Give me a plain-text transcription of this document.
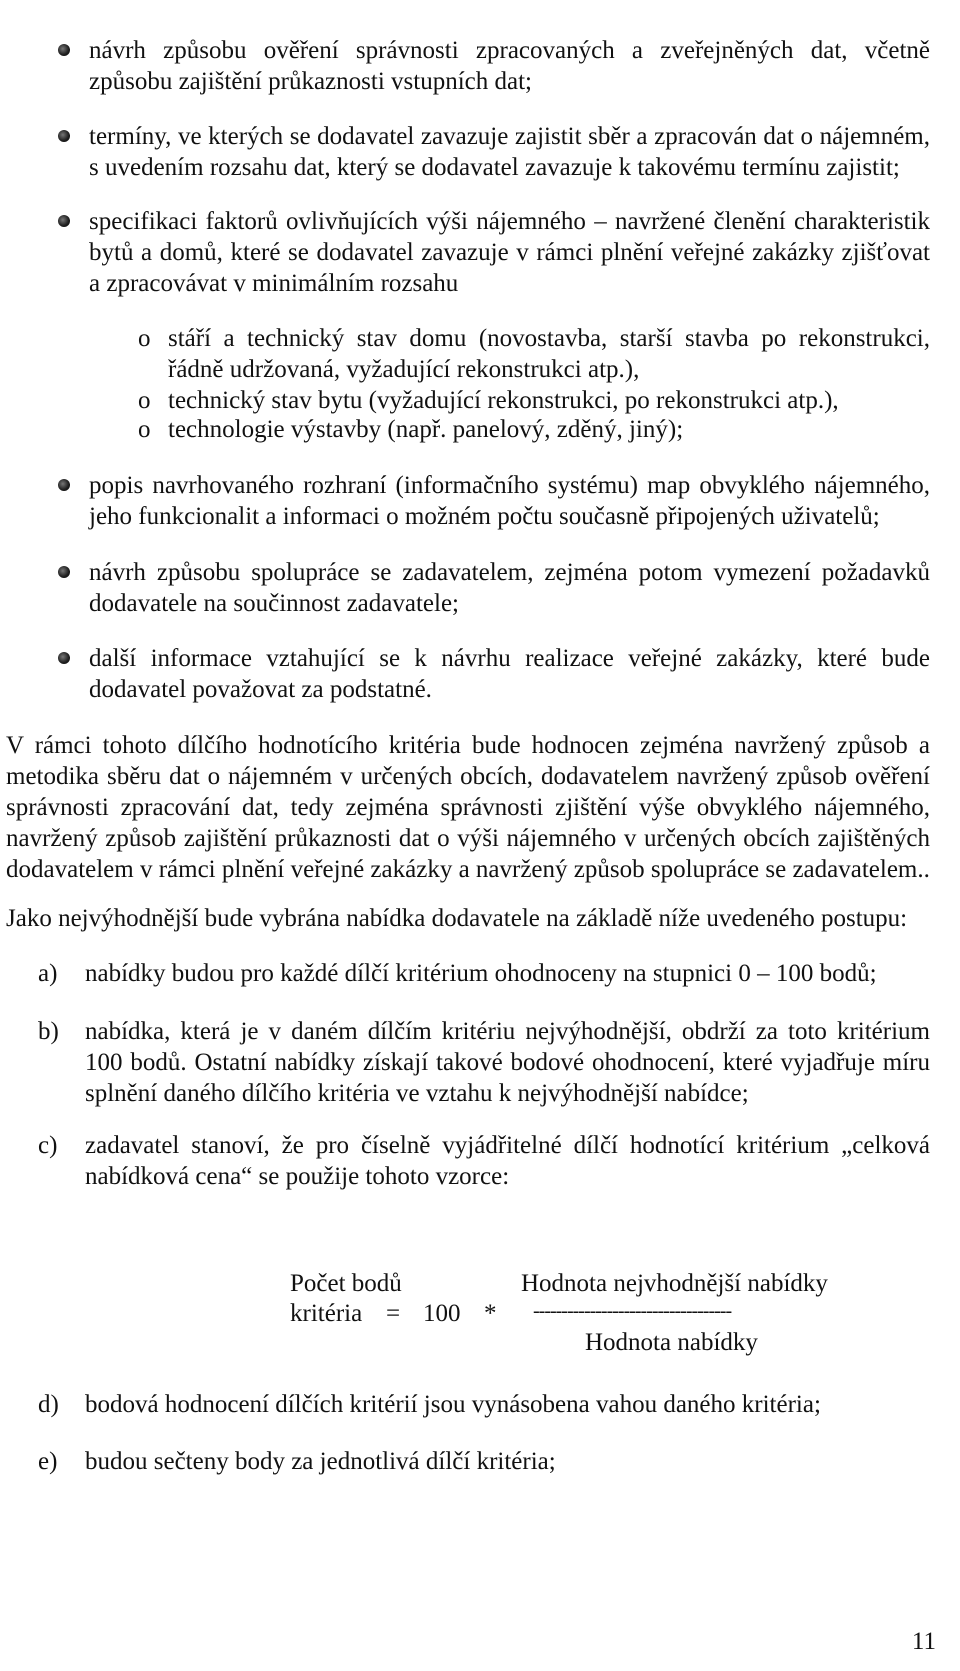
návrh způsobu ověření správnosti zpracovaných a zveřejněných dat, včetně způsobu zajištění průkaznosti vstupních dat;
termíny, ve kterých se dodavatel zavazuje zajistit sběr a zpracován dat o nájemném, s uvedením rozsahu dat, který se dodavatel zavazuje k takovému termínu zajistit;
specifikaci faktorů ovlivňujících výši nájemného – navržené členění charakteristik bytů a domů, které se dodavatel zavazuje v rámci plnění veřejné zakázky zjišťovat a zpracovávat v minimálním rozsahu
o stáří a technický stav domu (novostavba, starší stavba po rekonstrukci, řádně udržovaná, vyžadující rekonstrukci atp.),
o technický stav bytu (vyžadující rekonstrukci, po rekonstrukci atp.),
o technologie výstavby (např. panelový, zděný, jiný);
popis navrhovaného rozhraní (informačního systému) map obvyklého nájemného, jeho funkcionalit a informaci o možném počtu současně připojených uživatelů;
návrh způsobu spolupráce se zadavatelem, zejména potom vymezení požadavků dodavatele na součinnost zadavatele;
další informace vztahující se k návrhu realizace veřejné zakázky, které bude dodavatel považovat za podstatné.
V rámci tohoto dílčího hodnotícího kritéria bude hodnocen zejména navržený způsob a metodika sběru dat o nájemném v určených obcích, dodavatelem navržený způsob ověření správnosti zpracování dat, tedy zejména správnosti zjištění výše obvyklého nájemného, navržený způsob zajištění průkaznosti dat o výši nájemného v určených obcích zajištěných dodavatelem v rámci plnění veřejné zakázky a navržený způsob spolupráce se zadavatelem..
Jako nejvýhodnější bude vybrána nabídka dodavatele na základě níže uvedeného postupu:
a) nabídky budou pro každé dílčí kritérium ohodnoceny na stupnici 0 – 100 bodů;
b) nabídka, která je v daném dílčím kritériu nejvýhodnější, obdrží za toto kritérium 100 bodů. Ostatní nabídky získají takové bodové ohodnocení, které vyjadřuje míru splnění daného dílčího kritéria ve vztahu k nejvýhodnější nabídce;
c) zadavatel stanoví, že pro číselně vyjádřitelné dílčí hodnotící kritérium „celková nabídková cena“ se použije tohoto vzorce:
Počet bodů
kritéria = 100 *
Hodnota nejvhodnější nabídky
-----------------------------------
Hodnota nabídky
d) bodová hodnocení dílčích kritérií jsou vynásobena vahou daného kritéria;
e) budou sečteny body za jednotlivá dílčí kritéria;
11
